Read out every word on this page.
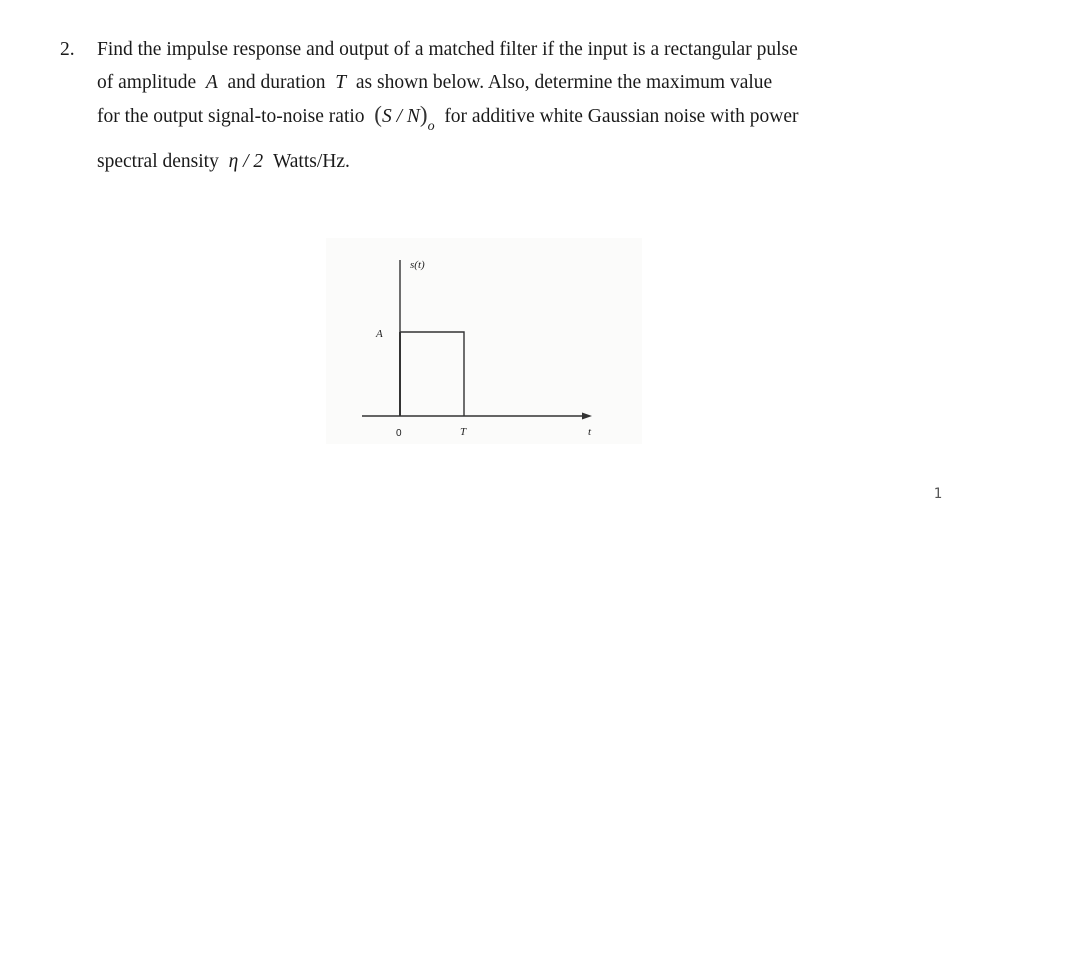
2. Find the impulse response and output of a matched filter if the input is a rectangular pulse
of amplitude A and duration T as shown below. Also, determine the maximum value
for the output signal-to-noise ratio $(S / N)_o$ for additive white Gaussian noise with power
spectral density η / 2 Watts/Hz.
s(t)
A
0	T	t
1
